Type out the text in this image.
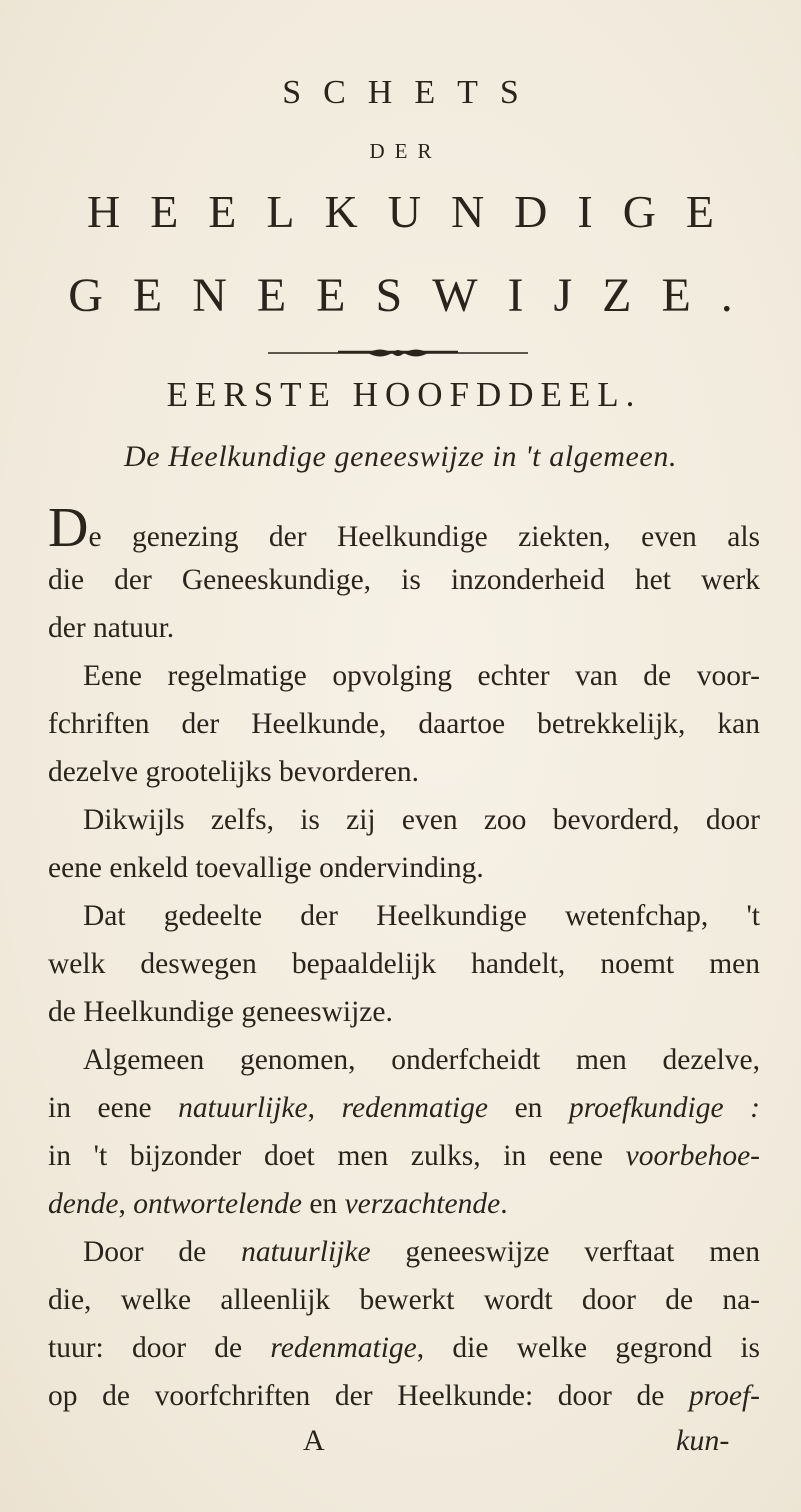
SCHETS
DER
HEELKUNDIGE
GENEESWIJZE.
EERSTE HOOFDDEEL.
De Heelkundige geneeswijze in 't algemeen.
De genezing der Heelkundige ziekten, even als
die der Geneeskundige, is inzonderheid het werk
der natuur.
Eene regelmatige opvolging echter van de voor-
fchriften der Heelkunde, daartoe betrekkelijk, kan
dezelve grootelijks bevorderen.
Dikwijls zelfs, is zij even zoo bevorderd, door
eene enkeld toevallige ondervinding.
Dat gedeelte der Heelkundige wetenfchap, 't
welk deswegen bepaaldelijk handelt, noemt men
de Heelkundige geneeswijze.
Algemeen genomen, onderfcheidt men dezelve,
in eene natuurlijke, redenmatige en proefkundige :
in 't bijzonder doet men zulks, in eene voorbehoe-
dende, ontwortelende en verzachtende.
Door de natuurlijke geneeswijze verftaat men
die, welke alleenlijk bewerkt wordt door de na-
tuur: door de redenmatige, die welke gegrond is
op de voorfchriften der Heelkunde: door de proef-
A	kun-
